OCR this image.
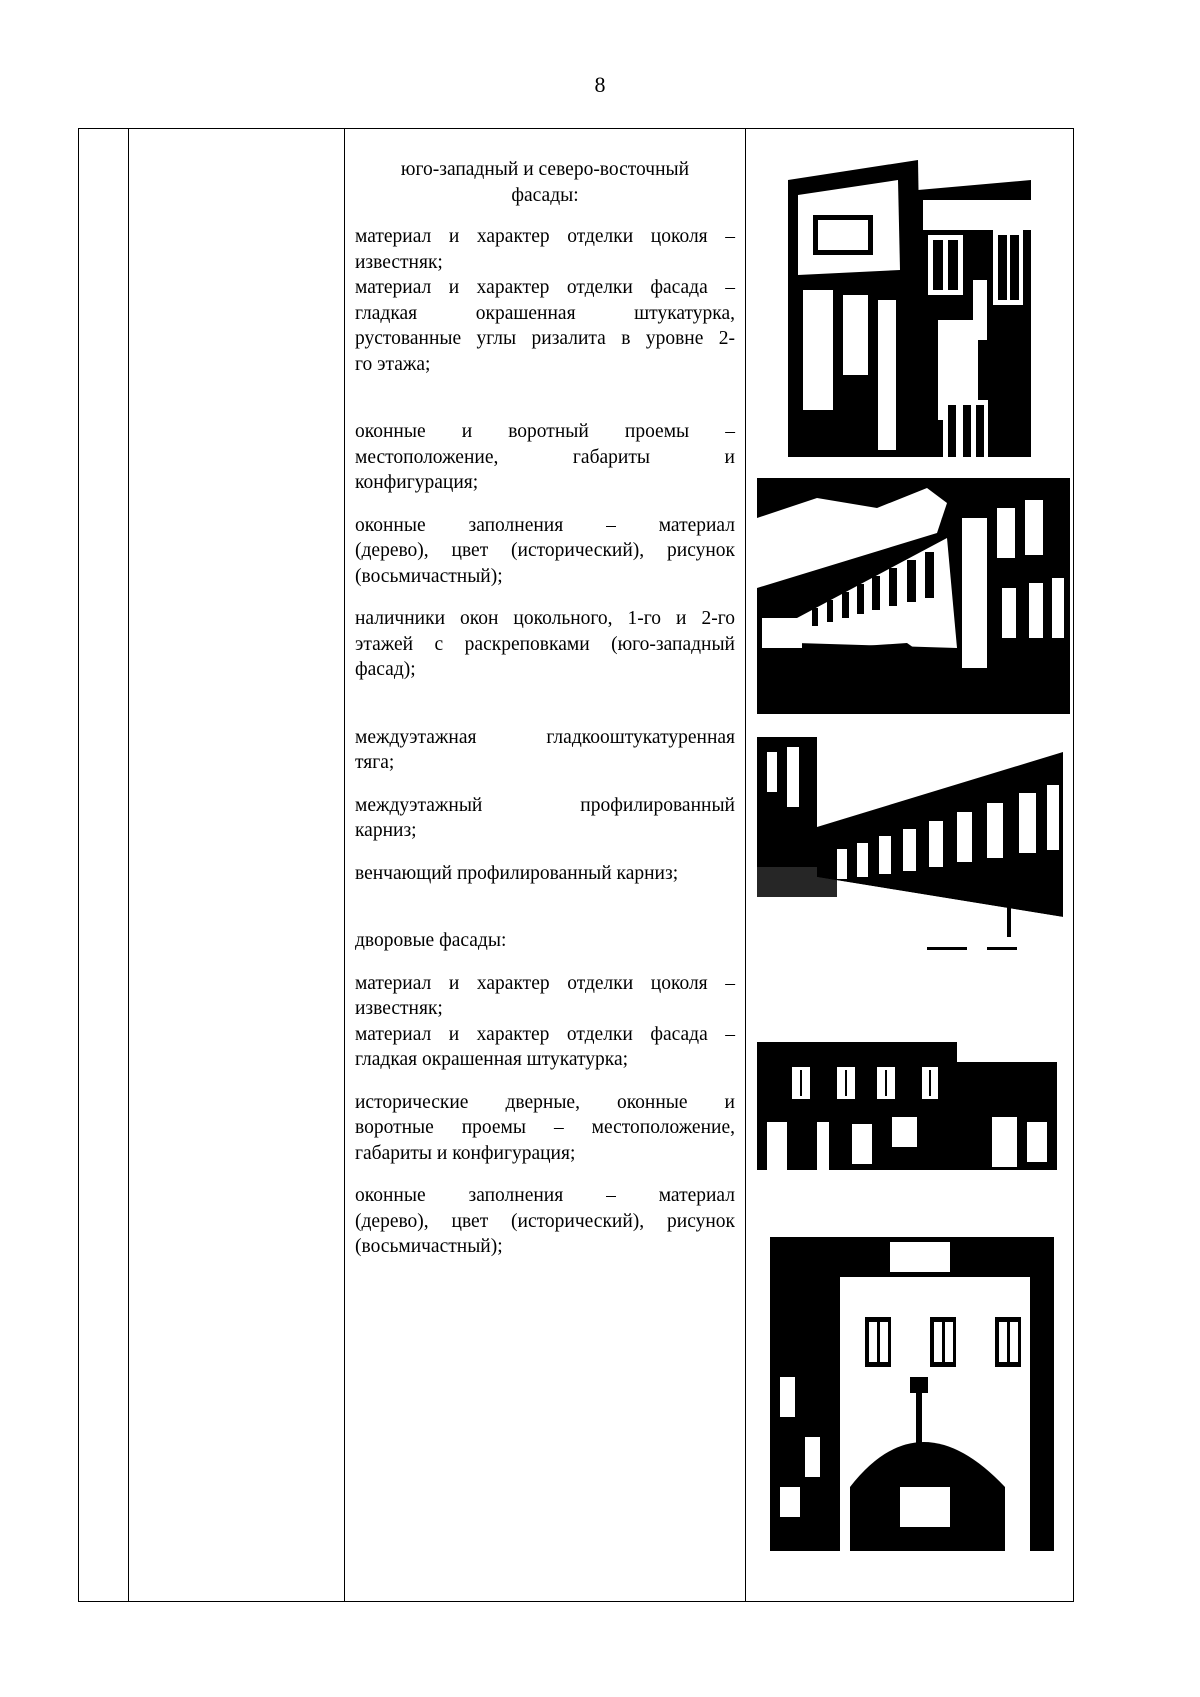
8

юго-западный и северо-восточный

фасады:

материал и характер отделки цоколя –

известняк;

материал и характер отделки фасада –

гладкая окрашенная штукатурка,

рустованные углы ризалита в уровне 2-

го этажа;

оконные и воротный проемы –

местоположение, габариты и

конфигурация;

оконные заполнения – материал

(дерево), цвет (исторический), рисунок

(восьмичастный);

наличники окон цокольного, 1-го и 2-го

этажей с раскреповками (юго-западный

фасад);

междуэтажная гладкооштукатуренная

тяга;

междуэтажный профилированный

карниз;

венчающий профилированный карниз;

дворовые фасады:

материал и характер отделки цоколя –

известняк;

материал и характер отделки фасада –

гладкая окрашенная штукатурка;

исторические дверные, оконные и

воротные проемы – местоположение,

габариты и конфигурация;

оконные заполнения – материал

(дерево), цвет (исторический), рисунок

(восьмичастный);
